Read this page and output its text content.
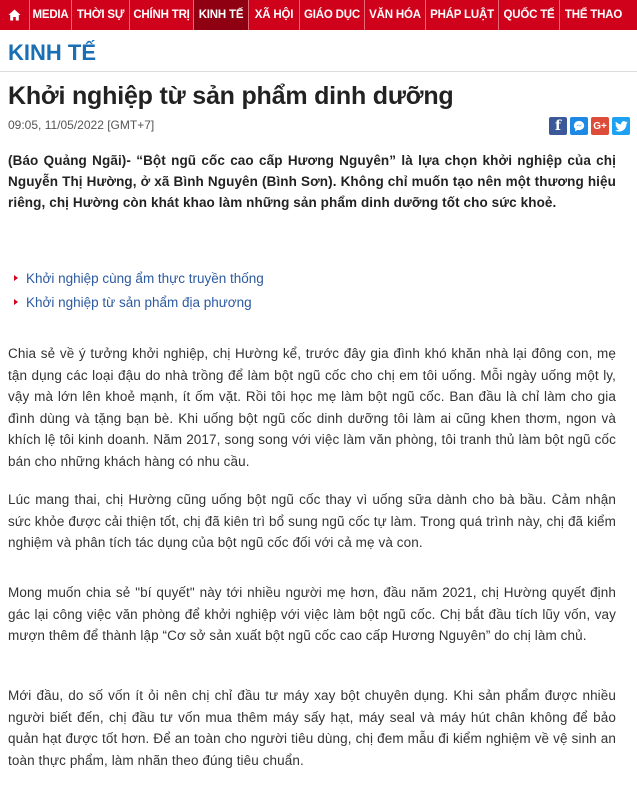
MEDIA THỜI SỰ CHÍNH TRỊ KINH TẾ XÃ HỘI GIÁO DỤC VĂN HÓA PHÁP LUẬT QUỐC TẾ THỂ THAO
KINH TẾ
Khởi nghiệp từ sản phẩm dinh dưỡng
09:05, 11/05/2022 [GMT+7]	f	G+

(Báo Quảng Ngãi)- “Bột ngũ cốc cao cấp Hương Nguyên” là lựa chọn khởi nghiệp của chị Nguyễn Thị Hường, ở xã Bình Nguyên (Bình Sơn). Không chỉ muốn tạo nên một thương hiệu riêng, chị Hường còn khát khao làm những sản phẩm dinh dưỡng tốt cho sức khoẻ.

Khởi nghiệp cùng ẩm thực truyền thống
Khởi nghiệp từ sản phẩm địa phương

Chia sẻ về ý tưởng khởi nghiệp, chị Hường kể, trước đây gia đình khó khăn nhà lại đông con, mẹ tận dụng các loại đậu do nhà trồng để làm bột ngũ cốc cho chị em tôi uống. Mỗi ngày uống một ly, vậy mà lớn lên khoẻ mạnh, ít ốm vặt. Rồi tôi học mẹ làm bột ngũ cốc. Ban đầu là chỉ làm cho gia đình dùng và tặng bạn bè. Khi uống bột ngũ cốc dinh dưỡng tôi làm ai cũng khen thơm, ngon và khích lệ tôi kinh doanh. Năm 2017, song song với việc làm văn phòng, tôi tranh thủ làm bột ngũ cốc bán cho những khách hàng có nhu cầu.

Lúc mang thai, chị Hường cũng uống bột ngũ cốc thay vì uống sữa dành cho bà bầu. Cảm nhận sức khỏe được cải thiện tốt, chị đã kiên trì bổ sung ngũ cốc tự làm. Trong quá trình này, chị đã kiểm nghiệm và phân tích tác dụng của bột ngũ cốc đối với cả mẹ và con.

Mong muốn chia sẻ "bí quyết" này tới nhiều người mẹ hơn, đầu năm 2021, chị Hường quyết định gác lại công việc văn phòng để khởi nghiệp với việc làm bột ngũ cốc. Chị bắt đầu tích lũy vốn, vay mượn thêm để thành lập “Cơ sở sản xuất bột ngũ cốc cao cấp Hương Nguyên” do chị làm chủ.

Mới đầu, do số vốn ít ỏi nên chị chỉ đầu tư máy xay bột chuyên dụng. Khi sản phẩm được nhiều người biết đến, chị đầu tư vốn mua thêm máy sấy hạt, máy seal và máy hút chân không để bảo quản hạt được tốt hơn. Để an toàn cho người tiêu dùng, chị đem mẫu đi kiểm nghiệm về vệ sinh an toàn thực phẩm, làm nhãn theo đúng tiêu chuẩn.
